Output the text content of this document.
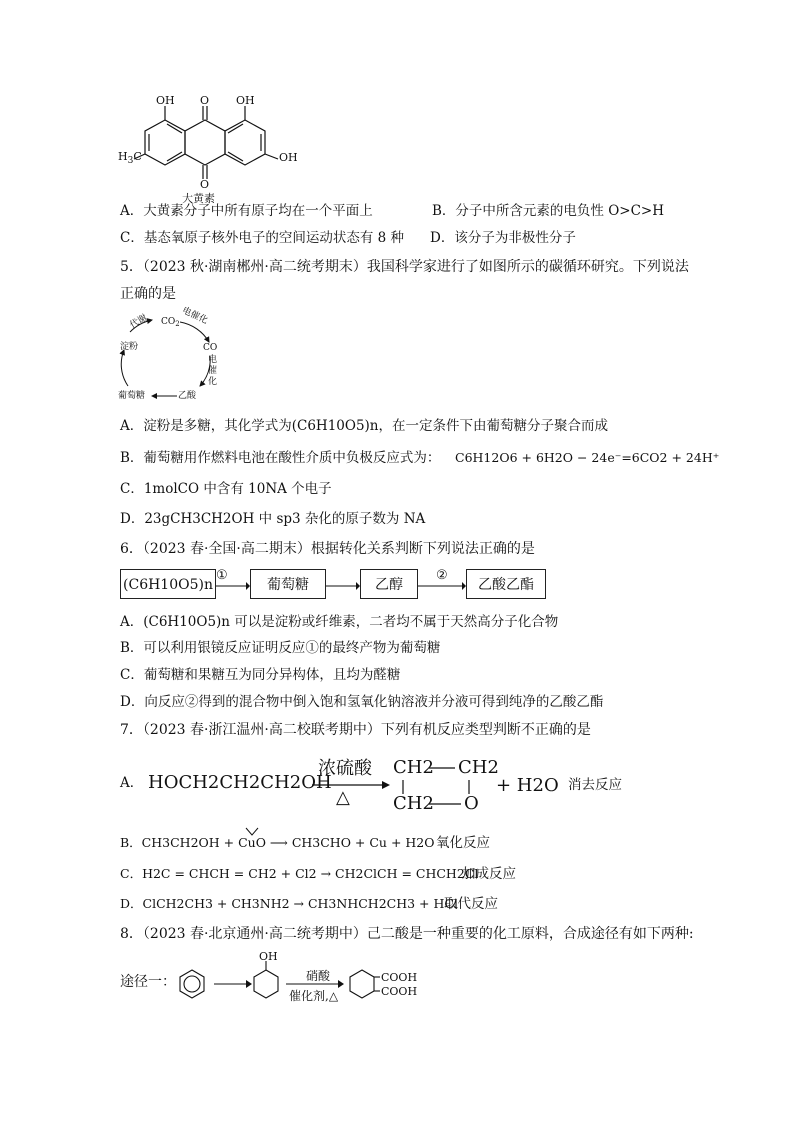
OH O OH
$H_3C$	OH
O
大黄素
A．大黄素分子中所有原子均在一个平面上	B．分子中所含元素的电负性 O>C>H
C．基态氧原子核外电子的空间运动状态有 8 种 D．该分子为非极性分子
5．（2023 秋·湖南郴州·高二统考期末）我国科学家进行了如图所示的碳循环研究。下列说法
正确的是
$CO_2$ 电催化
代谢
CO
电
催
化
淀粉
葡萄糖	乙酸
A．淀粉是多糖，其化学式为(C6H10O5)n，在一定条件下由葡萄糖分子聚合而成
B．葡萄糖用作燃料电池在酸性介质中负极反应式为： C6H12O6 + 6H2O − 24e⁻=6CO2 + 24H⁺
C．1molCO 中含有 10NA 个电子
D．23gCH3CH2OH 中 sp3 杂化的原子数为 NA
6．（2023 春·全国·高二期末）根据转化关系判断下列说法正确的是
(C6H10O5)n
①
葡萄糖	乙醇
②
乙酸乙酯
A．(C6H10O5)n 可以是淀粉或纤维素，二者均不属于天然高分子化合物
B．可以利用银镜反应证明反应①的最终产物为葡萄糖
C．葡萄糖和果糖互为同分异构体，且均为醛糖
D．向反应②得到的混合物中倒入饱和氢氧化钠溶液并分液可得到纯净的乙酸乙酯
7．（2023 春·浙江温州·高二校联考期中）下列有机反应类型判断不正确的是
A． HOCH2CH2CH2OH
浓硫酸
△
CH2 CH2
CH2 O
+ H2O 消去反应
B．CH3CH2OH + CuO ⟶ CH3CHO + Cu + H2O 氧化反应
C．H2C = CHCH = CH2 + Cl2 → CH2ClCH = CHCH2Cl
加成反应
D．ClCH2CH3 + CH3NH2 → CH3NHCH2CH3 + HCl
取代反应
8．（2023 春·北京通州·高二统考期中）己二酸是一种重要的化工原料，合成途径有如下两种:
途径一：
OH
硝酸
催化剂,△
COOH
COOH
